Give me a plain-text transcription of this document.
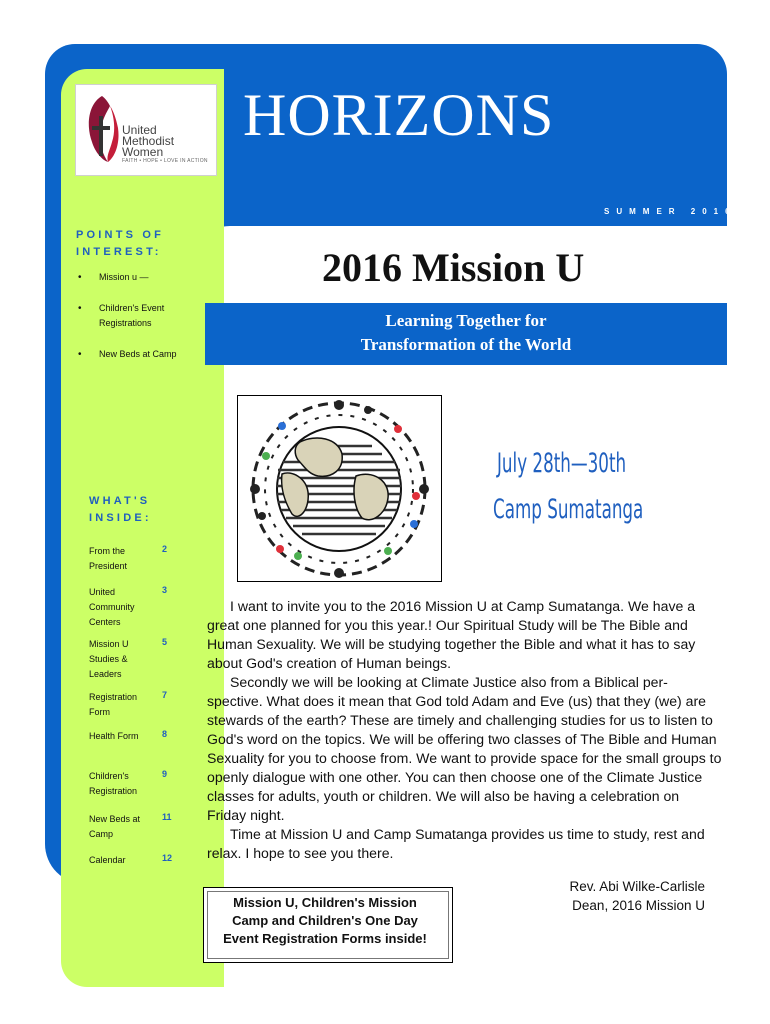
United
Methodist
Women
FAITH • HOPE • LOVE IN ACTION
HORIZONS
SUMMER 2016
POINTS OF
INTEREST:
• Mission u —
• Children's Event Registrations
• New Beds at Camp
WHAT'S
INSIDE:
From the President
2
United Community Centers
3
Mission U Studies & Leaders
5
Registration Form
7
Health Form	8
Children's Registration
9
New Beds at Camp
11
Calendar	12
2016 Mission U
Learning Together for
Transformation of the World
July 28th—30th
Camp Sumatanga

I want to invite you to the 2016 Mission U at Camp Sumatanga. We have a great one planned for you this year.! Our Spiritual Study will be The Bible and Human Sexuality. We will be studying together the Bible and what it has to say about God's creation of Human beings.

Secondly we will be looking at Climate Justice also from a Biblical per-spective. What does it mean that God told Adam and Eve (us) that they (we) are stewards of the earth? These are timely and challenging studies for us to listen to God's word on the topics. We will be offering two classes of The Bible and Human Sexuality for you to choose from. We want to provide space for the small groups to openly dialogue with one other. You can then choose one of the Climate Justice classes for adults, youth or children. We will also be having a celebration on Friday night.

Time at Mission U and Camp Sumatanga provides us time to study, rest and relax. I hope to see you there.

Rev. Abi Wilke-Carlisle
Dean, 2016 Mission U
Mission U, Children's Mission
Camp and Children's One Day
Event Registration Forms inside!
